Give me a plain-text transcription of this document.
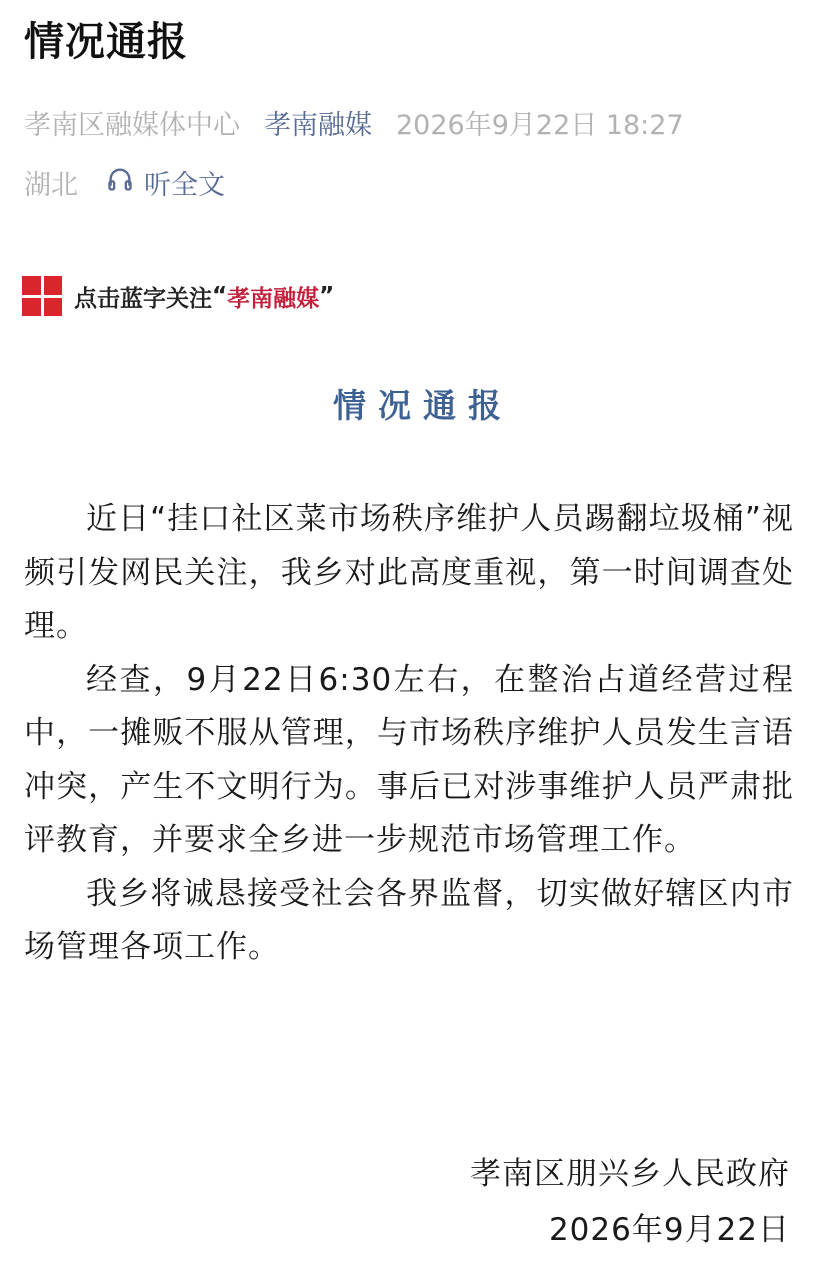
情况通报
孝南区融媒体中心 孝南融媒 2026年9月22日 18:27
湖北 听全文
点击蓝字关注 “ 孝南融媒 ”
情况通报

近日“挂口社区菜市场秩序维护人员踢翻垃圾桶”视频引发网民关注，我乡对此高度重视，第一时间调查处理。

经查，9月22日6:30左右，在整治占道经营过程中，一摊贩不服从管理，与市场秩序维护人员发生言语冲突，产生不文明行为。事后已对涉事维护人员严肃批评教育，并要求全乡进一步规范市场管理工作。

我乡将诚恳接受社会各界监督，切实做好辖区内市场管理各项工作。

孝南区朋兴乡人民政府
2026年9月22日
